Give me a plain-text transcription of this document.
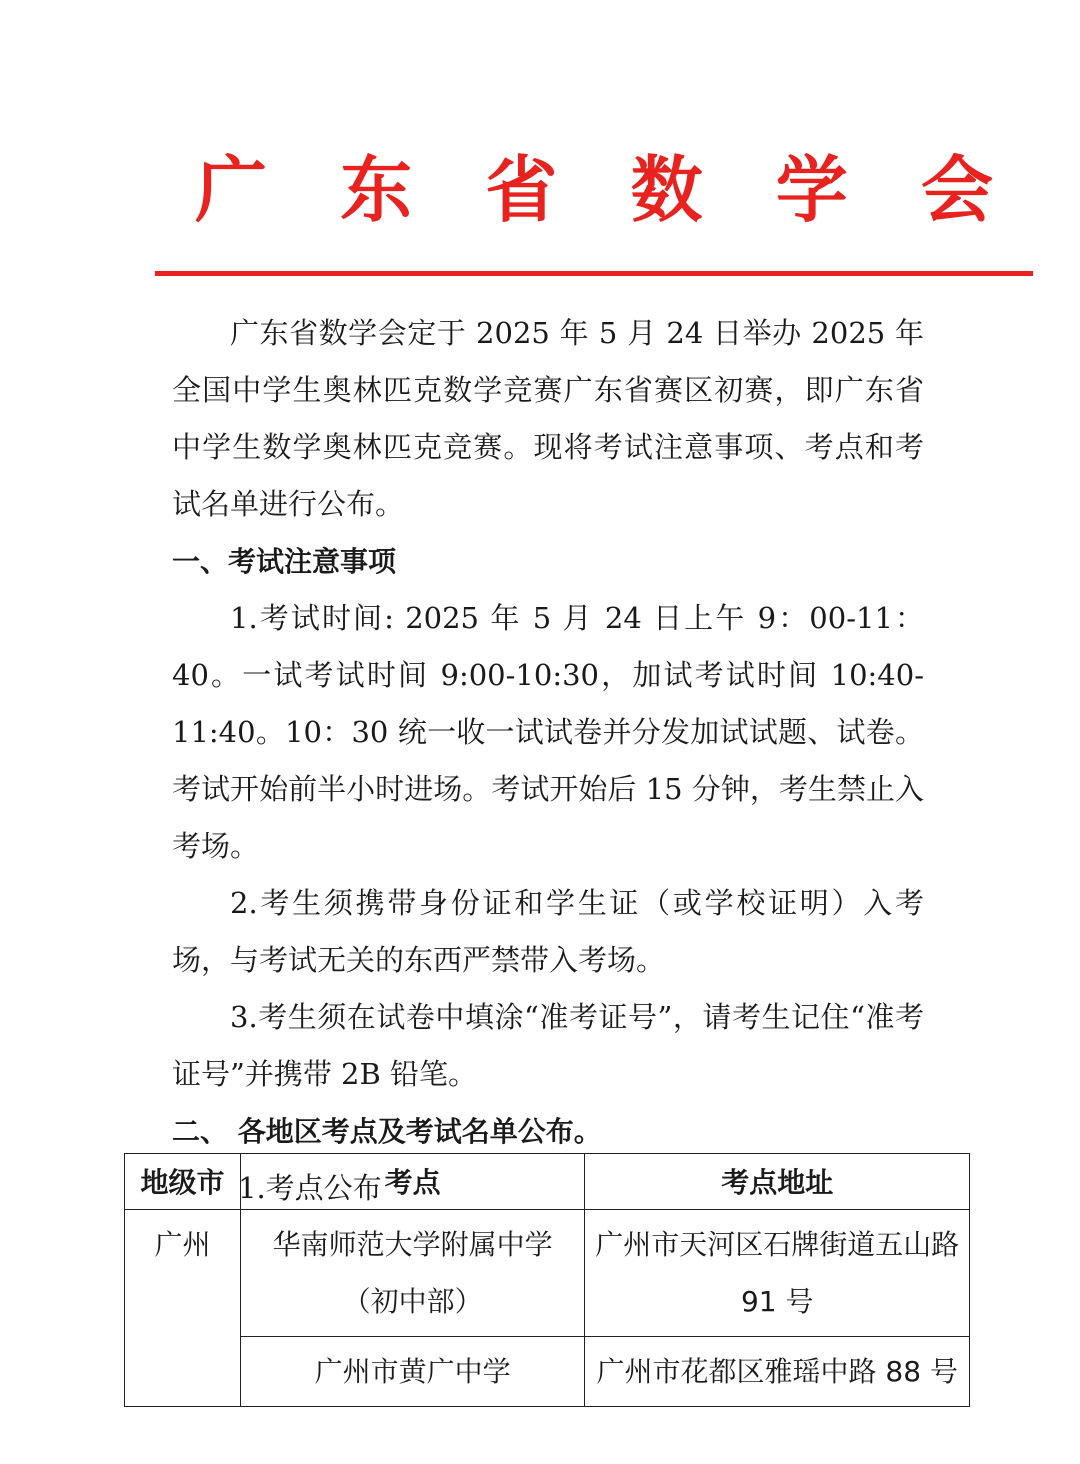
广 东 省 数 学 会

广东省数学会定于 2025 年 5 月 24 日举办 2025 年全国中学生奥林匹克数学竞赛广东省赛区初赛，即广东省中学生数学奥林匹克竞赛。现将考试注意事项、考点和考试名单进行公布。

一、考试注意事项

1.考试时间: 2025 年 5 月 24 日上午 9：00-11：40。一试考试时间 9:00-10:30，加试考试时间 10:40-11:40。10：30 统一收一试试卷并分发加试试题、试卷。考试开始前半小时进场。考试开始后 15 分钟，考生禁止入考场。

2.考生须携带身份证和学生证（或学校证明）入考场，与考试无关的东西严禁带入考场。

3.考生须在试卷中填涂“准考证号”，请考生记住“准考证号”并携带 2B 铅笔。

二、 各地区考点及考试名单公布。

1.考点公布

地级市	考点	考点地址
广州	华南师范大学附属中学（初中部）	广州市天河区石牌街道五山路 91 号
	广州市黄广中学	广州市花都区雅瑶中路 88 号
